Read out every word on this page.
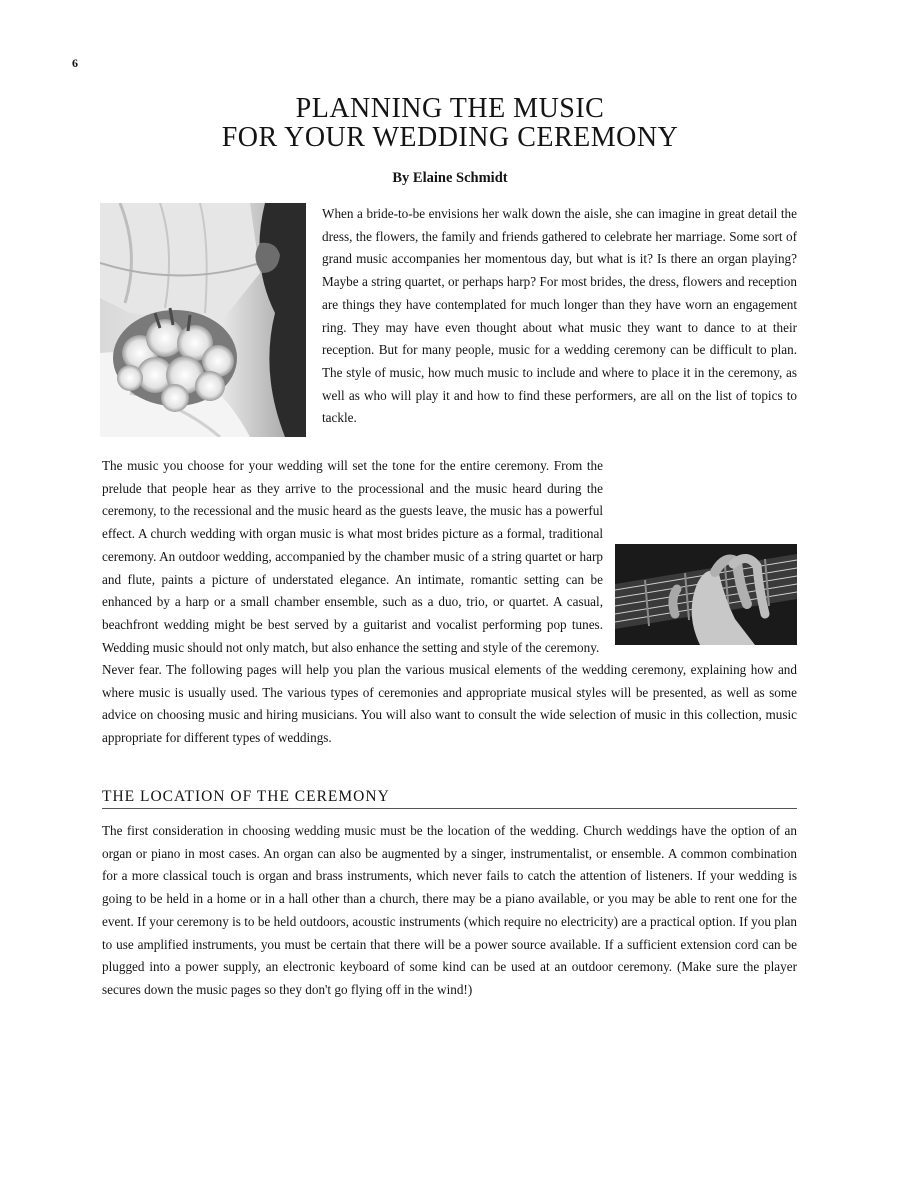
6
PLANNING THE MUSIC
FOR YOUR WEDDING CEREMONY
By Elaine Schmidt

When a bride-to-be envisions her walk down the aisle, she can imagine in great detail the dress, the flowers, the family and friends gathered to celebrate her marriage. Some sort of grand music accompanies her momentous day, but what is it? Is there an organ playing? Maybe a string quartet, or perhaps harp? For most brides, the dress, flowers and reception are things they have contemplated for much longer than they have worn an engagement ring. They may have even thought about what music they want to dance to at their reception. But for many people, music for a wedding ceremony can be difficult to plan. The style of music, how much music to include and where to place it in the ceremony, as well as who will play it and how to find these performers, are all on the list of topics to tackle.

The music you choose for your wedding will set the tone for the entire ceremony. From the prelude that people hear as they arrive to the processional and the music heard during the ceremony, to the recessional and the music heard as the guests leave, the music has a powerful effect. A church wedding with organ music is what most brides picture as a formal, traditional ceremony. An outdoor wedding, accompanied by the chamber music of a string quartet or harp and flute, paints a picture of understated elegance. An intimate, romantic setting can be enhanced by a harp or a small chamber ensemble, such as a duo, trio, or quartet. A casual, beachfront wedding might be best served by a guitarist and vocalist performing pop tunes. Wedding music should not only match, but also enhance the setting and style of the ceremony.

Never fear. The following pages will help you plan the various musical elements of the wedding ceremony, explaining how and where music is usually used. The various types of ceremonies and appropriate musical styles will be presented, as well as some advice on choosing music and hiring musicians. You will also want to consult the wide selection of music in this collection, music appropriate for different types of weddings.

THE LOCATION OF THE CEREMONY

The first consideration in choosing wedding music must be the location of the wedding. Church weddings have the option of an organ or piano in most cases. An organ can also be augmented by a singer, instrumentalist, or ensemble. A common combination for a more classical touch is organ and brass instruments, which never fails to catch the attention of listeners. If your wedding is going to be held in a home or in a hall other than a church, there may be a piano available, or you may be able to rent one for the event. If your ceremony is to be held outdoors, acoustic instruments (which require no electricity) are a practical option. If you plan to use amplified instruments, you must be certain that there will be a power source available. If a sufficient extension cord can be plugged into a power supply, an electronic keyboard of some kind can be used at an outdoor ceremony. (Make sure the player secures down the music pages so they don't go flying off in the wind!)
